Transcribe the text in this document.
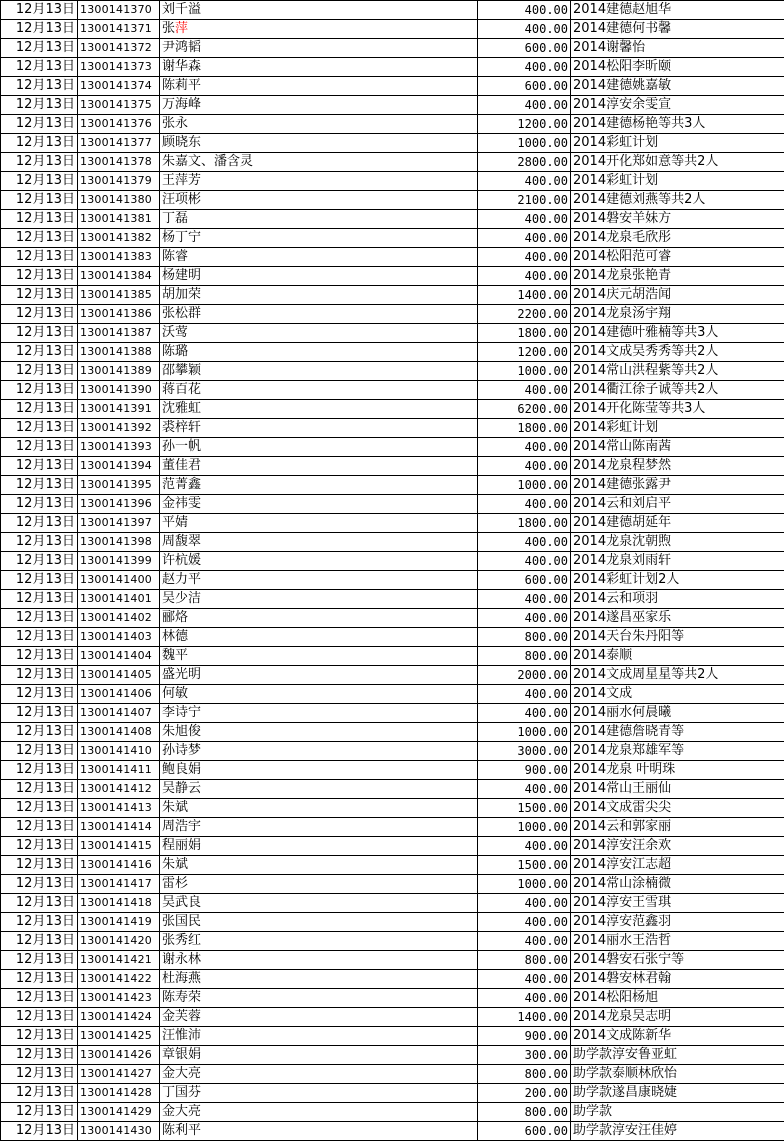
12月13日	1300141370	刘千溢	400.00	2014建德赵旭华
12月13日	1300141371	张萍	400.00	2014建德何书馨
12月13日	1300141372	尹鸿韬	600.00	2014谢馨怡
12月13日	1300141373	谢华森	400.00	2014松阳李昕颐
12月13日	1300141374	陈莉平	600.00	2014建德姚嘉敏
12月13日	1300141375	万海峰	400.00	2014淳安余雯宣
12月13日	1300141376	张永	1200.00	2014建德杨艳等共3人
12月13日	1300141377	顾晓东	1000.00	2014彩虹计划
12月13日	1300141378	朱嘉文、潘含灵	2800.00	2014开化郑如意等共2人
12月13日	1300141379	王萍芳	400.00	2014彩虹计划
12月13日	1300141380	汪项彬	2100.00	2014建德刘燕等共2人
12月13日	1300141381	丁磊	400.00	2014磐安羊妹方
12月13日	1300141382	杨丁宁	400.00	2014龙泉毛欣彤
12月13日	1300141383	陈睿	400.00	2014松阳范可睿
12月13日	1300141384	杨建明	400.00	2014龙泉张艳青
12月13日	1300141385	胡加荣	1400.00	2014庆元胡浩闻
12月13日	1300141386	张松群	2200.00	2014龙泉汤宇翔
12月13日	1300141387	沃莺	1800.00	2014建德叶雅楠等共3人
12月13日	1300141388	陈璐	1200.00	2014文成吴秀秀等共2人
12月13日	1300141389	邵攀颖	1000.00	2014常山洪程紫等共2人
12月13日	1300141390	蒋百花	400.00	2014衢江徐子诚等共2人
12月13日	1300141391	沈雅虹	6200.00	2014开化陈莹等共3人
12月13日	1300141392	裘梓轩	1800.00	2014彩虹计划
12月13日	1300141393	孙一帆	400.00	2014常山陈南茜
12月13日	1300141394	董佳君	400.00	2014龙泉程梦然
12月13日	1300141395	范菁鑫	1000.00	2014建德张露尹
12月13日	1300141396	金祎雯	400.00	2014云和刘启平
12月13日	1300141397	平婧	1800.00	2014建德胡延年
12月13日	1300141398	周馥翠	400.00	2014龙泉沈朝煦
12月13日	1300141399	许杭媛	400.00	2014龙泉刘雨轩
12月13日	1300141400	赵力平	600.00	2014彩虹计划2人
12月13日	1300141401	吴少洁	400.00	2014云和项羽
12月13日	1300141402	郦烙	400.00	2014遂昌巫家乐
12月13日	1300141403	林德	800.00	2014天台朱丹阳等
12月13日	1300141404	魏平	800.00	2014泰顺
12月13日	1300141405	盛光明	2000.00	2014文成周星星等共2人
12月13日	1300141406	何敏	400.00	2014文成
12月13日	1300141407	李诗宁	400.00	2014丽水何晨曦
12月13日	1300141408	朱旭俊	1000.00	2014建德詹晓青等
12月13日	1300141410	孙诗梦	3000.00	2014龙泉郑雄军等
12月13日	1300141411	鲍良娟	900.00	2014龙泉 叶明珠
12月13日	1300141412	吴静云	400.00	2014常山王丽仙
12月13日	1300141413	朱斌	1500.00	2014文成雷尖尖
12月13日	1300141414	周浩宇	1000.00	2014云和郭家丽
12月13日	1300141415	程丽娟	400.00	2014淳安汪余欢
12月13日	1300141416	朱斌	1500.00	2014淳安江志超
12月13日	1300141417	雷杉	1000.00	2014常山涂楠微
12月13日	1300141418	吴武良	400.00	2014淳安王雪琪
12月13日	1300141419	张国民	400.00	2014淳安范鑫羽
12月13日	1300141420	张秀红	400.00	2014丽水王浩哲
12月13日	1300141421	谢永林	800.00	2014磐安石张宁等
12月13日	1300141422	杜海燕	400.00	2014磐安林君翰
12月13日	1300141423	陈寿荣	400.00	2014松阳杨旭
12月13日	1300141424	金芙蓉	1400.00	2014龙泉吴志明
12月13日	1300141425	汪惟沛	900.00	2014文成陈新华
12月13日	1300141426	章银娟	300.00	助学款淳安鲁亚虹
12月13日	1300141427	金大亮	800.00	助学款泰顺林欣怡
12月13日	1300141428	丁国芬	200.00	助学款遂昌康晓婕
12月13日	1300141429	金大亮	800.00	助学款
12月13日	1300141430	陈利平	600.00	助学款淳安汪佳婷
